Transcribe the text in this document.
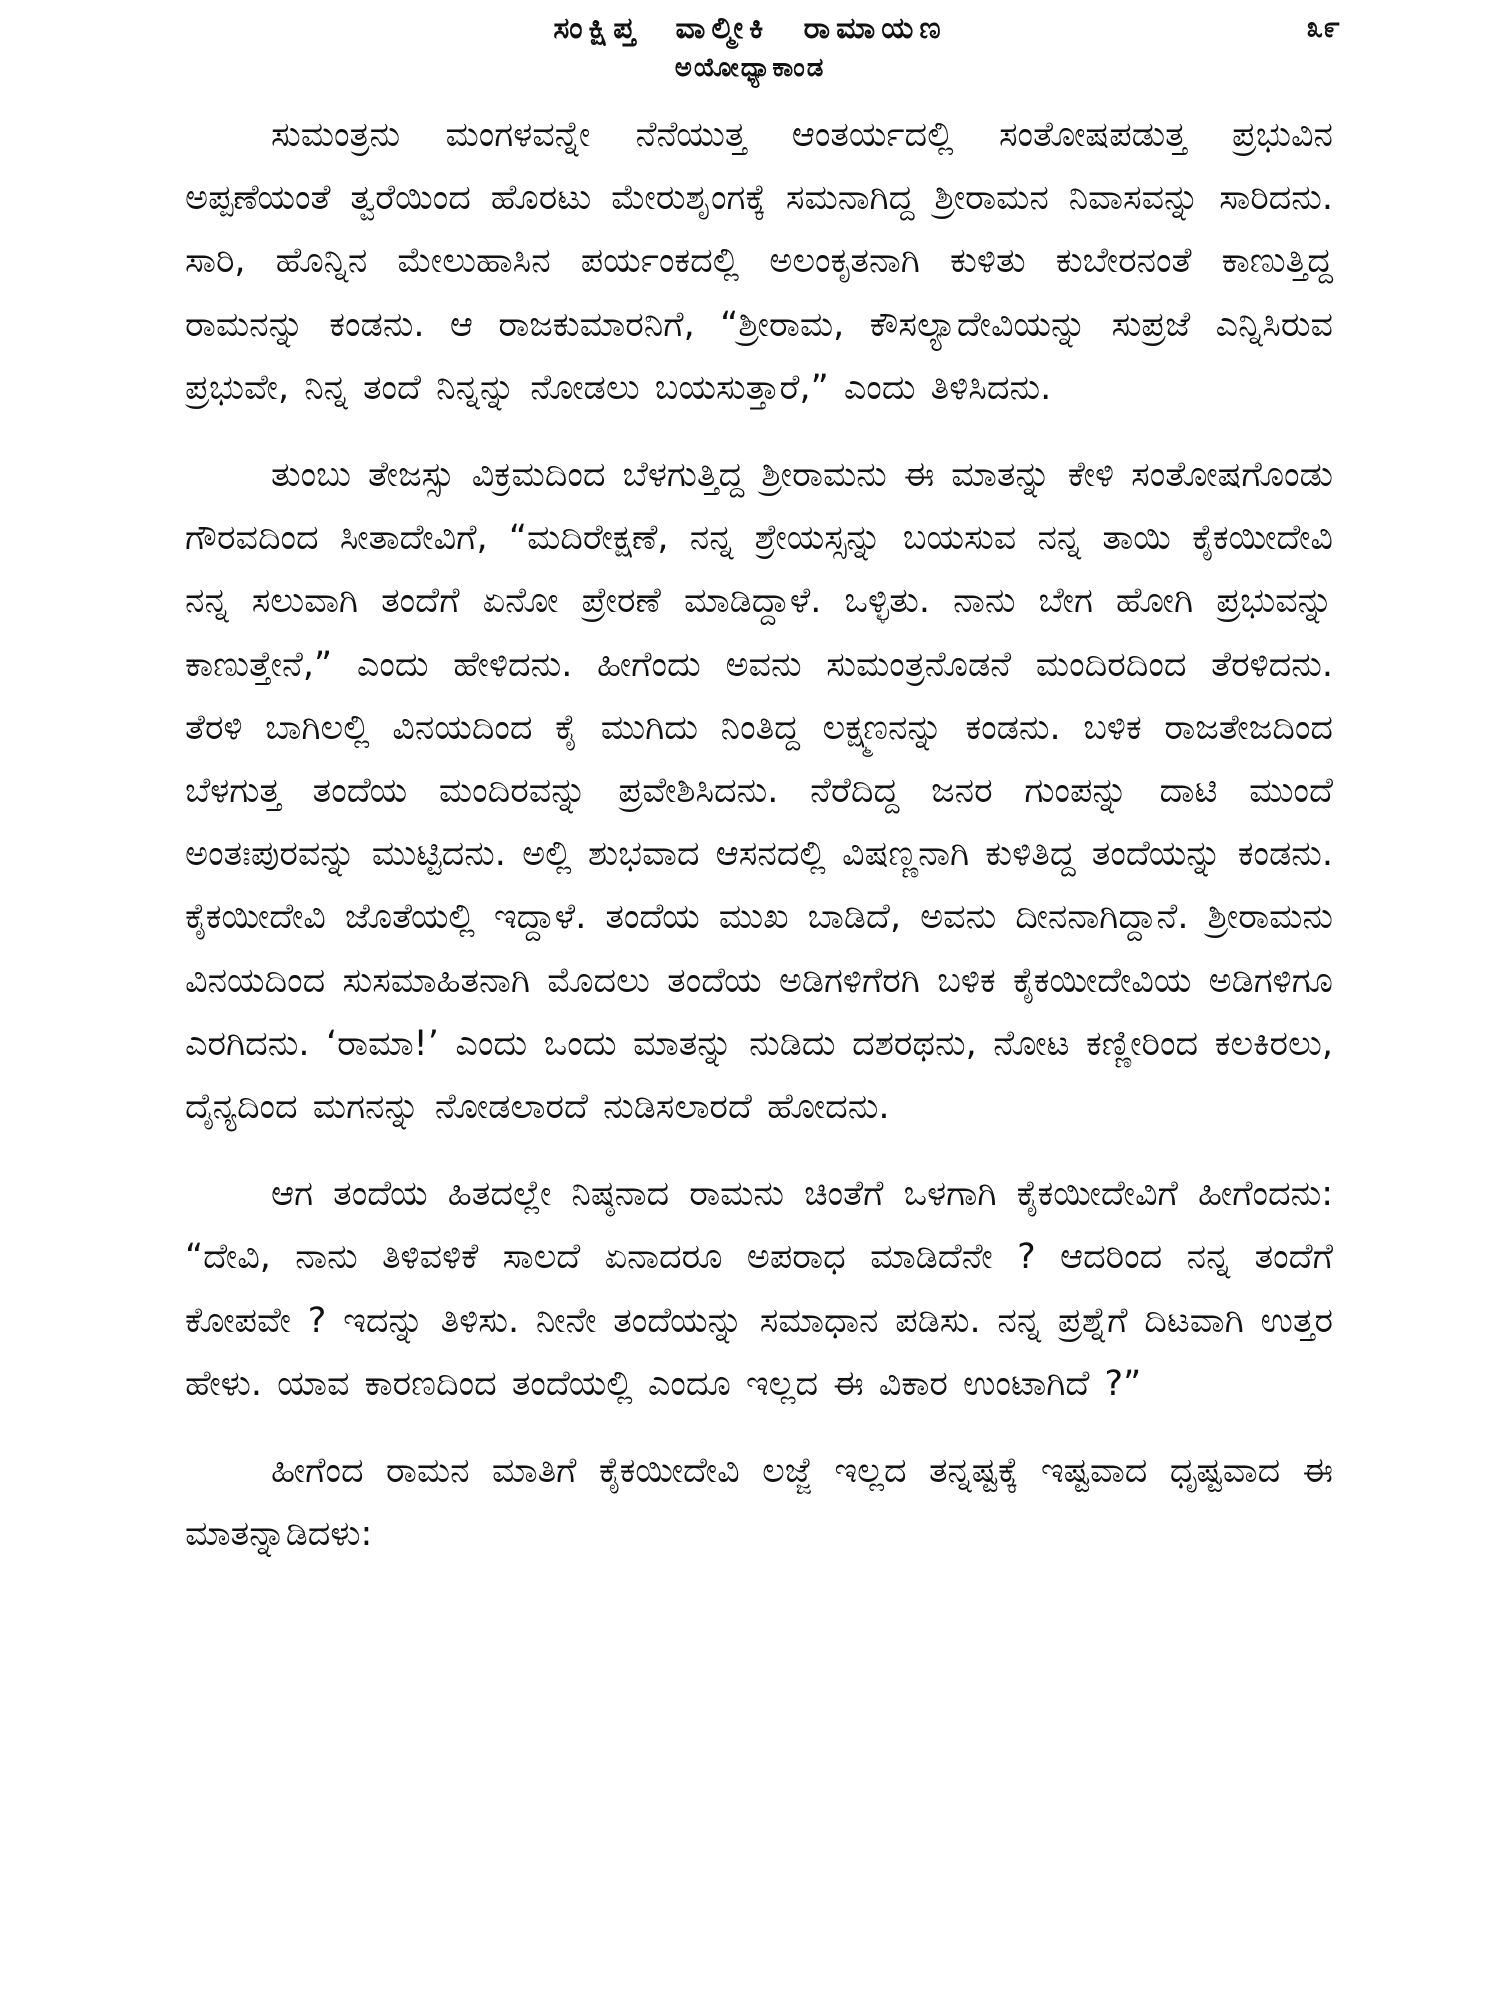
ಸಂಕ್ಷಿಪ್ತ ವಾಲ್ಮೀಕಿ ರಾಮಾಯಣ
ಅಯೋಧ್ಯಾಕಾಂಡ
೩೯

ಸುಮಂತ್ರನು ಮಂಗಳವನ್ನೇ ನೆನೆಯುತ್ತ ಆಂತರ್ಯದಲ್ಲಿ ಸಂತೋಷಪಡುತ್ತ ಪ್ರಭುವಿನ ಅಪ್ಪಣೆಯಂತೆ ತ್ವರೆಯಿಂದ ಹೊರಟು ಮೇರುಶೃಂಗಕ್ಕೆ ಸಮನಾಗಿದ್ದ ಶ್ರೀರಾಮನ ನಿವಾಸವನ್ನು ಸಾರಿದನು. ಸಾರಿ, ಹೊನ್ನಿನ ಮೇಲುಹಾಸಿನ ಪರ್ಯಂಕದಲ್ಲಿ ಅಲಂಕೃತನಾಗಿ ಕುಳಿತು ಕುಬೇರನಂತೆ ಕಾಣುತ್ತಿದ್ದ ರಾಮನನ್ನು ಕಂಡನು. ಆ ರಾಜಕುಮಾರನಿಗೆ, “ಶ್ರೀರಾಮ, ಕೌಸಲ್ಯಾದೇವಿಯನ್ನು ಸುಪ್ರಜೆ ಎನ್ನಿಸಿರುವ ಪ್ರಭುವೇ, ನಿನ್ನ ತಂದೆ ನಿನ್ನನ್ನು ನೋಡಲು ಬಯಸುತ್ತಾರೆ,” ಎಂದು ತಿಳಿಸಿದನು.

ತುಂಬು ತೇಜಸ್ಸು ವಿಕ್ರಮದಿಂದ ಬೆಳಗುತ್ತಿದ್ದ ಶ್ರೀರಾಮನು ಈ ಮಾತನ್ನು ಕೇಳಿ ಸಂತೋಷಗೊಂಡು ಗೌರವದಿಂದ ಸೀತಾದೇವಿಗೆ, “ಮದಿರೇಕ್ಷಣೆ, ನನ್ನ ಶ್ರೇಯಸ್ಸನ್ನು ಬಯಸುವ ನನ್ನ ತಾಯಿ ಕೈಕಯೀದೇವಿ ನನ್ನ ಸಲುವಾಗಿ ತಂದೆಗೆ ಏನೋ ಪ್ರೇರಣೆ ಮಾಡಿದ್ದಾಳೆ. ಒಳ್ಳಿತು. ನಾನು ಬೇಗ ಹೋಗಿ ಪ್ರಭುವನ್ನು ಕಾಣುತ್ತೇನೆ,” ಎಂದು ಹೇಳಿದನು. ಹೀಗೆಂದು ಅವನು ಸುಮಂತ್ರನೊಡನೆ ಮಂದಿರದಿಂದ ತೆರಳಿದನು. ತೆರಳಿ ಬಾಗಿಲಲ್ಲಿ ವಿನಯದಿಂದ ಕೈ ಮುಗಿದು ನಿಂತಿದ್ದ ಲಕ್ಷ್ಮಣನನ್ನು ಕಂಡನು. ಬಳಿಕ ರಾಜತೇಜದಿಂದ ಬೆಳಗುತ್ತ ತಂದೆಯ ಮಂದಿರವನ್ನು ಪ್ರವೇಶಿಸಿದನು. ನೆರೆದಿದ್ದ ಜನರ ಗುಂಪನ್ನು ದಾಟಿ ಮುಂದೆ ಅಂತಃಪುರವನ್ನು ಮುಟ್ಟಿದನು. ಅಲ್ಲಿ ಶುಭವಾದ ಆಸನದಲ್ಲಿ ವಿಷಣ್ಣನಾಗಿ ಕುಳಿತಿದ್ದ ತಂದೆಯನ್ನು ಕಂಡನು. ಕೈಕಯೀದೇವಿ ಜೊತೆಯಲ್ಲಿ ಇದ್ದಾಳೆ. ತಂದೆಯ ಮುಖ ಬಾಡಿದೆ, ಅವನು ದೀನನಾಗಿದ್ದಾನೆ. ಶ್ರೀರಾಮನು ವಿನಯದಿಂದ ಸುಸಮಾಹಿತನಾಗಿ ಮೊದಲು ತಂದೆಯ ಅಡಿಗಳಿಗೆರಗಿ ಬಳಿಕ ಕೈಕಯೀದೇವಿಯ ಅಡಿಗಳಿಗೂ ಎರಗಿದನು. ‘ರಾಮಾ!’ ಎಂದು ಒಂದು ಮಾತನ್ನು ನುಡಿದು ದಶರಥನು, ನೋಟ ಕಣ್ಣೀರಿಂದ ಕಲಕಿರಲು, ದೈನ್ಯದಿಂದ ಮಗನನ್ನು ನೋಡಲಾರದೆ ನುಡಿಸಲಾರದೆ ಹೋದನು.

ಆಗ ತಂದೆಯ ಹಿತದಲ್ಲೇ ನಿಷ್ಠನಾದ ರಾಮನು ಚಿಂತೆಗೆ ಒಳಗಾಗಿ ಕೈಕಯೀದೇವಿಗೆ ಹೀಗೆಂದನು: “ದೇವಿ, ನಾನು ತಿಳಿವಳಿಕೆ ಸಾಲದೆ ಏನಾದರೂ ಅಪರಾಧ ಮಾಡಿದೆನೇ ? ಆದರಿಂದ ನನ್ನ ತಂದೆಗೆ ಕೋಪವೇ ? ಇದನ್ನು ತಿಳಿಸು. ನೀನೇ ತಂದೆಯನ್ನು ಸಮಾಧಾನ ಪಡಿಸು. ನನ್ನ ಪ್ರಶ್ನೆಗೆ ದಿಟವಾಗಿ ಉತ್ತರ ಹೇಳು. ಯಾವ ಕಾರಣದಿಂದ ತಂದೆಯಲ್ಲಿ ಎಂದೂ ಇಲ್ಲದ ಈ ವಿಕಾರ ಉಂಟಾಗಿದೆ ?”

ಹೀಗೆಂದ ರಾಮನ ಮಾತಿಗೆ ಕೈಕಯೀದೇವಿ ಲಜ್ಜೆ ಇಲ್ಲದ ತನ್ನಷ್ಟಕ್ಕೆ ಇಷ್ಟವಾದ ಧೃಷ್ಟವಾದ ಈ ಮಾತನ್ನಾಡಿದಳು:
